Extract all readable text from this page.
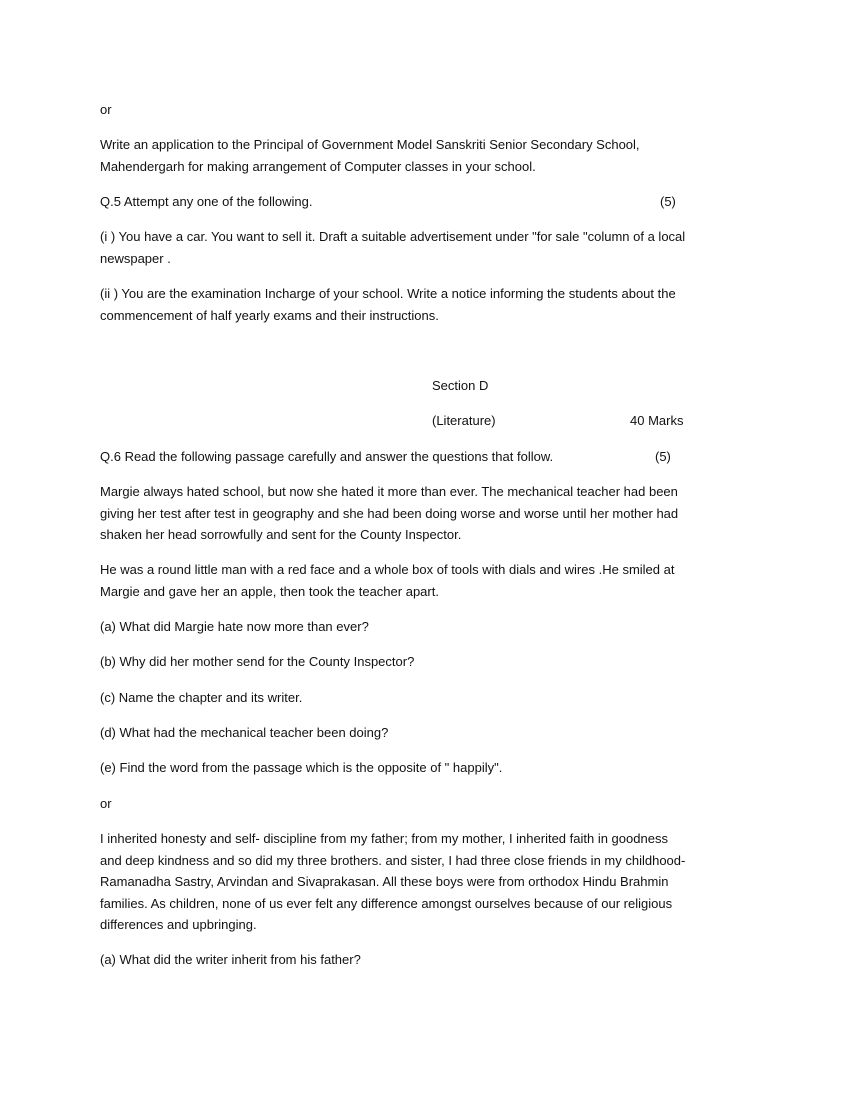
or

Write an application to the Principal of Government Model Sanskriti Senior Secondary School,
Mahendergarh for making arrangement of Computer classes in your school.

Q.5 Attempt any one of the following.	(5)

(i ) You have a car. You want to sell it. Draft a suitable advertisement under "for sale "column of a local
newspaper .

(ii ) You are the examination Incharge of your school. Write a notice informing the students about the
commencement of half yearly exams and their instructions.

Section D
(Literature)	40 Marks

Q.6 Read the following passage carefully and answer the questions that follow.	(5)

Margie always hated school, but now she hated it more than ever. The mechanical teacher had been
giving her test after test in geography and she had been doing worse and worse until her mother had
shaken her head sorrowfully and sent for the County Inspector.

He was a round little man with a red face and a whole box of tools with dials and wires .He smiled at
Margie and gave her an apple, then took the teacher apart.

(a) What did Margie hate now more than ever?

(b) Why did her mother send for the County Inspector?

(c) Name the chapter and its writer.

(d) What had the mechanical teacher been doing?

(e) Find the word from the passage which is the opposite of " happily".

or

I inherited honesty and self- discipline from my father; from my mother, I inherited faith in goodness
and deep kindness and so did my three brothers. and sister, I had three close friends in my childhood-
Ramanadha Sastry, Arvindan and Sivaprakasan. All these boys were from orthodox Hindu Brahmin
families. As children, none of us ever felt any difference amongst ourselves because of our religious
differences and upbringing.

(a) What did the writer inherit from his father?
